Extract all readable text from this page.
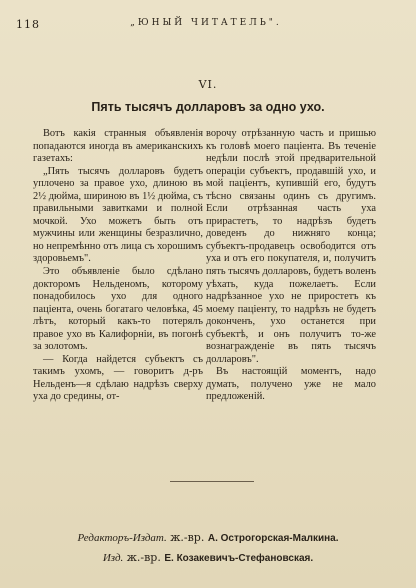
118	„ЮНЫЙ ЧИТАТЕЛЬ".
VI.
Пять тысячъ долларовъ за одно ухо.

Вотъ какія странныя объявленія попадаются иногда въ американскихъ газетахъ:

„Пять тысячъ долларовъ будетъ уплочено за правое ухо, длиною въ 2½ дюйма, шириною въ 1½ дюйма, съ правильными завитками и полной мочкой. Ухо можетъ быть отъ мужчины или женщины безразлично, но непремѣнно отъ лица съ хорошимъ здоровьемъ".

Это объявленіе было сдѣлано докторомъ Нельденомъ, которому понадобилось ухо для одного паціента, очень богатаго человѣка, 45 лѣтъ, который какъ-то потерялъ правое ухо въ Калифорніи, въ погонѣ за золотомъ.

— Когда найдется субъектъ съ такимъ ухомъ, — говоритъ д-ръ Нельденъ—я сдѣлаю надрѣзъ сверху уха до средины, от-

ворочу отрѣзанную часть и пришью къ головѣ моего паціента. Въ теченіе недѣли послѣ этой предварительной операціи субъектъ, продавшій ухо, и мой паціентъ, купившій его, будутъ тѣсно связаны одинъ съ другимъ. Если отрѣзанная часть уха прирастетъ, то надрѣзъ будетъ доведенъ до нижняго конца; субъектъ-продавецъ освободится отъ уха и отъ его покупателя, и, получитъ пять тысячъ долларовъ, будетъ воленъ уѣхать, куда пожелаетъ. Если надрѣзанное ухо не прирoстетъ къ моему паціенту, то надрѣзъ не будетъ доконченъ, ухо останется при субъектѣ, и онъ получитъ то-же вознагражденіе въ пять тысячъ долларовъ".

Въ настоящій моментъ, надо думать, получено уже не мало предложеній.

Редакторъ-Издат. ж.-вр. А. Острогорская-Малкина.
Изд. ж.-вр. Е. Козакевичъ-Стефановская.
